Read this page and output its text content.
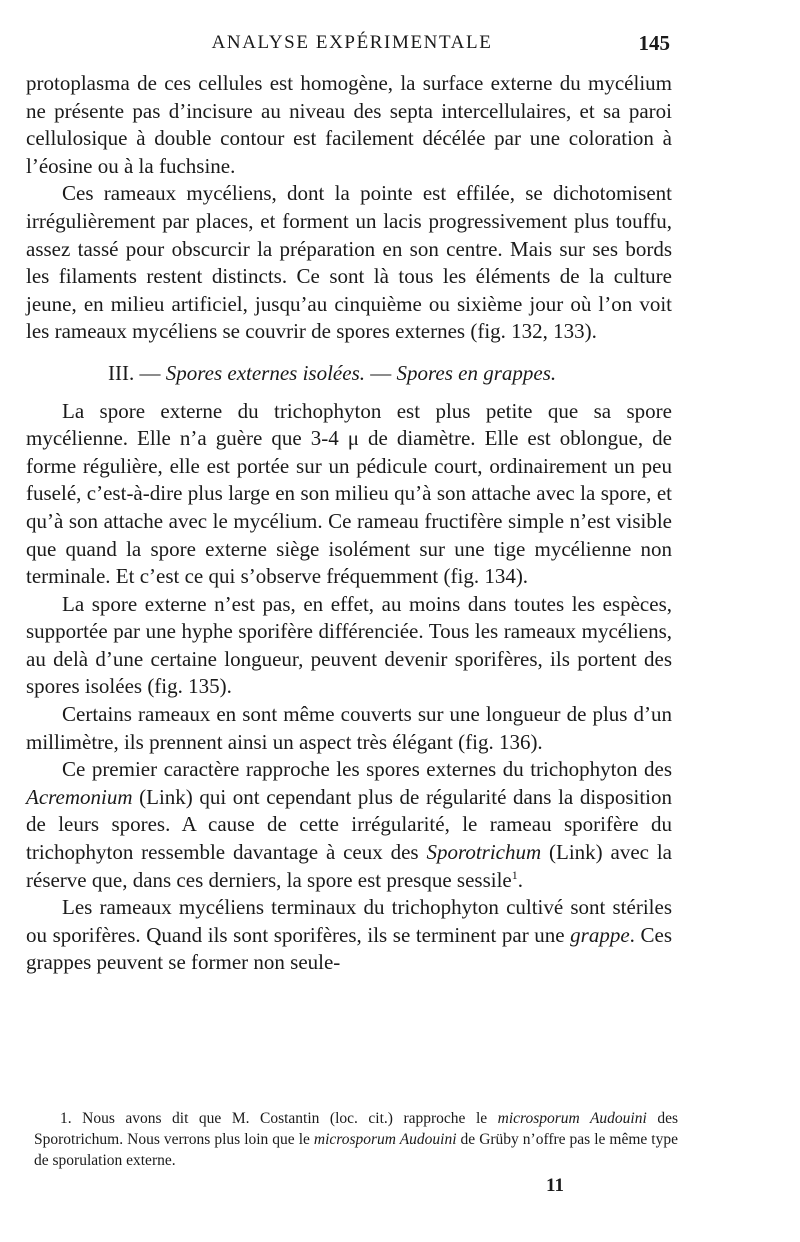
ANALYSE EXPÉRIMENTALE	145

protoplasma de ces cellules est homogène, la surface externe du mycélium ne présente pas d’incisure au niveau des septa intercellulaires, et sa paroi cellulosique à double contour est facilement décélée par une coloration à l’éosine ou à la fuchsine.

Ces rameaux mycéliens, dont la pointe est effilée, se dichotomisent irrégulièrement par places, et forment un lacis progressivement plus touffu, assez tassé pour obscurcir la préparation en son centre. Mais sur ses bords les filaments restent distincts. Ce sont là tous les éléments de la culture jeune, en milieu artificiel, jusqu’au cinquième ou sixième jour où l’on voit les rameaux mycéliens se couvrir de spores externes (fig. 132, 133).

III. — Spores externes isolées. — Spores en grappes.

La spore externe du trichophyton est plus petite que sa spore mycélienne. Elle n’a guère que 3-4 μ de diamètre. Elle est oblongue, de forme régulière, elle est portée sur un pédicule court, ordinairement un peu fuselé, c’est-à-dire plus large en son milieu qu’à son attache avec la spore, et qu’à son attache avec le mycélium. Ce rameau fructifère simple n’est visible que quand la spore externe siège isolément sur une tige mycélienne non terminale. Et c’est ce qui s’observe fréquemment (fig. 134).

La spore externe n’est pas, en effet, au moins dans toutes les espèces, supportée par une hyphe sporifère différenciée. Tous les rameaux mycéliens, au delà d’une certaine longueur, peuvent devenir sporifères, ils portent des spores isolées (fig. 135).

Certains rameaux en sont même couverts sur une longueur de plus d’un millimètre, ils prennent ainsi un aspect très élégant (fig. 136).

Ce premier caractère rapproche les spores externes du trichophyton des Acremonium (Link) qui ont cependant plus de régularité dans la disposition de leurs spores. A cause de cette irrégularité, le rameau sporifère du trichophyton ressemble davantage à ceux des Sporotrichum (Link) avec la réserve que, dans ces derniers, la spore est presque sessile$^1$.

Les rameaux mycéliens terminaux du trichophyton cultivé sont stériles ou sporifères. Quand ils sont sporifères, ils se terminent par une grappe. Ces grappes peuvent se former non seule-

1. Nous avons dit que M. Costantin (loc. cit.) rapproche le microsporum Audouini des Sporotrichum. Nous verrons plus loin que le microsporum Audouini de Grüby n’offre pas le même type de sporulation externe.

11
